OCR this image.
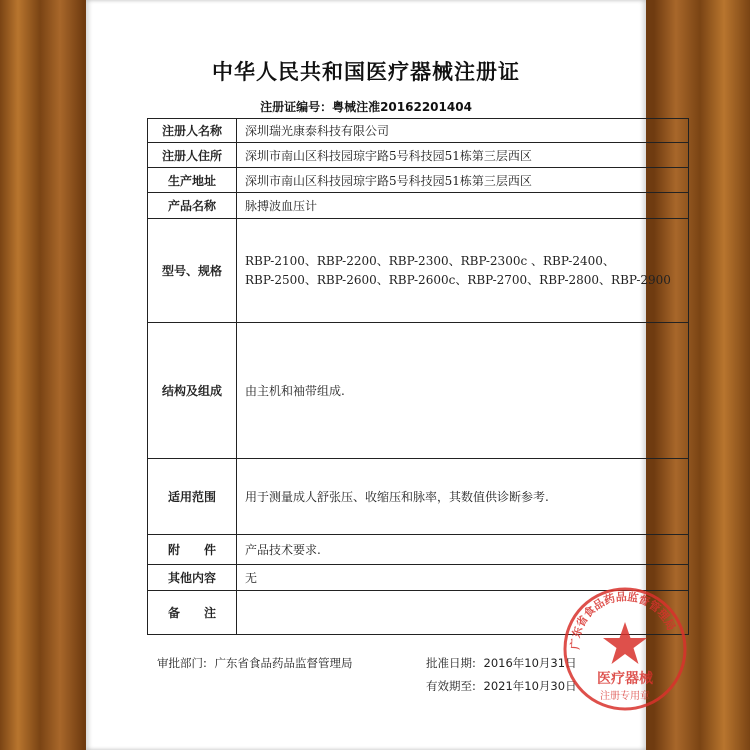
中华人民共和国医疗器械注册证
注册证编号：粤械注准20162201404
注册人名称	深圳瑞光康泰科技有限公司
注册人住所	深圳市南山区科技园琼宇路5号科技园51栋第三层西区
生产地址	深圳市南山区科技园琼宇路5号科技园51栋第三层西区
产品名称	脉搏波血压计
型号、规格	RBP-2100、RBP-2200、RBP-2300、RBP-2300c 、RBP-2400、
RBP-2500、RBP-2600、RBP-2600c、RBP-2700、RBP-2800、RBP-2900
结构及组成	由主机和袖带组成.
适用范围	用于测量成人舒张压、收缩压和脉率，其数值供诊断参考.
附　　件	产品技术要求.
其他内容	无
备　　注	
审批部门: 广东省食品药品监督管理局	批准日期: 2016年10月31日
有效期至: 2021年10月30日
广东省食品药品监督管理局
医疗器械
注册专用章
